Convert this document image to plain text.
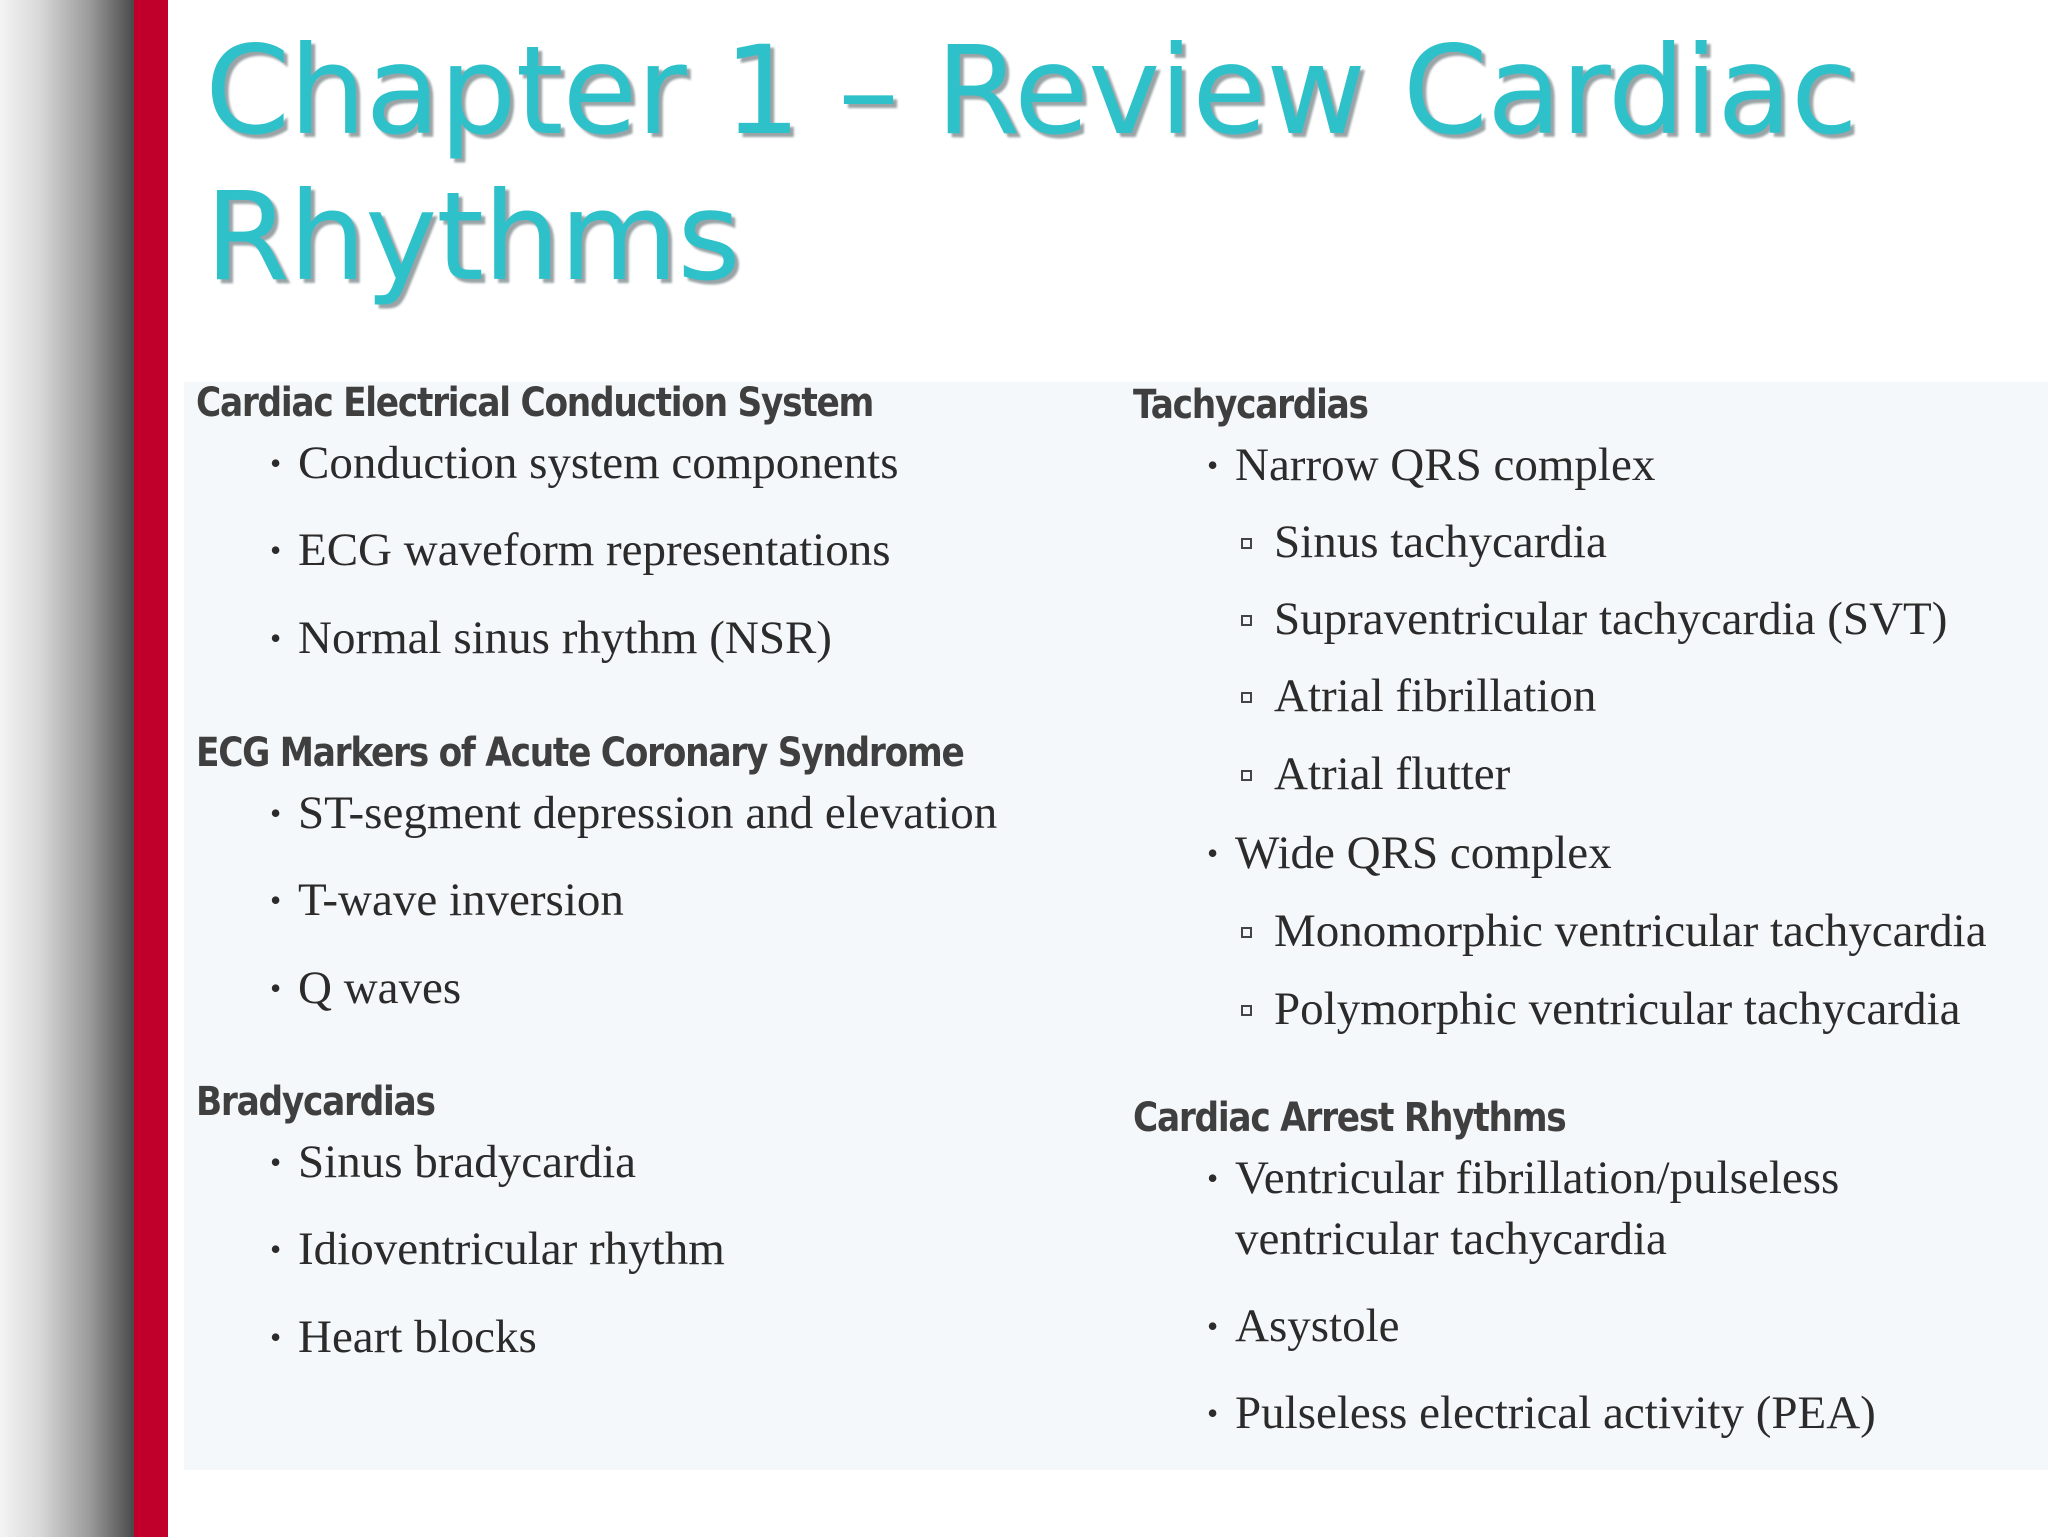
Chapter 1 – Review Cardiac
Rhythms
Cardiac Electrical Conduction System
• Conduction system components
• ECG waveform representations
• Normal sinus rhythm (NSR)
ECG Markers of Acute Coronary Syndrome
• ST-segment depression and elevation
• T-wave inversion
• Q waves
Bradycardias
• Sinus bradycardia
• Idioventricular rhythm
• Heart blocks
Tachycardias
• Narrow QRS complex
Sinus tachycardia
Supraventricular tachycardia (SVT)
Atrial fibrillation
Atrial flutter
• Wide QRS complex
Monomorphic ventricular tachycardia
Polymorphic ventricular tachycardia
Cardiac Arrest Rhythms
• Ventricular fibrillation/pulseless
ventricular tachycardia
• Asystole
• Pulseless electrical activity (PEA)
